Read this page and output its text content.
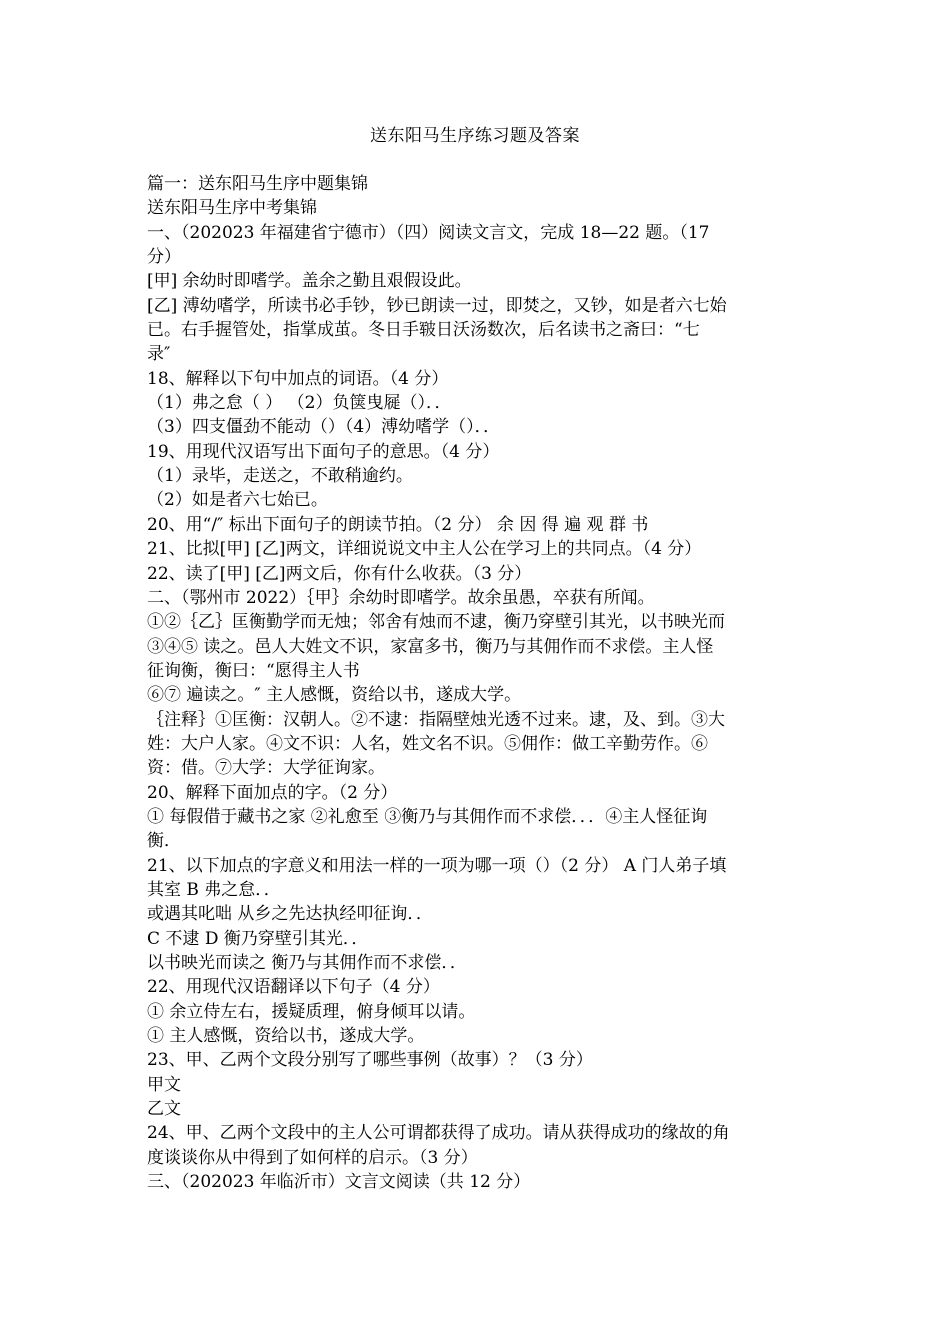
送东阳马生序练习题及答案
篇一：送东阳马生序中题集锦
送东阳马生序中考集锦
一、（202023 年福建省宁德市）（四）阅读文言文，完成 18—22 题。（17
分）
[甲] 余幼时即嗜学。盖余之勤且艰假设此。
[乙] 溥幼嗜学，所读书必手钞，钞已朗读一过，即焚之，又钞，如是者六七始
已。右手握管处，指掌成茧。冬日手皲日沃汤数次，后名读书之斋曰：“七
录″
18、解释以下句中加点的词语。（4 分）
（1）弗之怠（ ） （2）负箧曳屣（）．．
（3）四支僵劲不能动（）（4）溥幼嗜学（）．．
19、用现代汉语写出下面句子的意思。（4 分）
（1）录毕，走送之，不敢稍逾约。
（2）如是者六七始已。
20、用“/″ 标出下面句子的朗读节拍。（2 分） 余 因 得 遍 观 群 书
21、比拟[甲] [乙]两文，详细说说文中主人公在学习上的共同点。（4 分）
22、读了[甲] [乙]两文后，你有什么收获。（3 分）
二、（鄂州市 2022）｛甲｝余幼时即嗜学。故余虽愚，卒获有所闻。
①②｛乙｝匡衡勤学而无烛；邻舍有烛而不逮，衡乃穿壁引其光，以书映光而
③④⑤ 读之。邑人大姓文不识，家富多书，衡乃与其佣作而不求偿。主人怪
征询衡，衡曰：“愿得主人书
⑥⑦ 遍读之。″ 主人感慨，资给以书，遂成大学。
｛注释｝①匡衡：汉朝人。②不逮：指隔壁烛光透不过来。逮，及、到。③大
姓：大户人家。④文不识：人名，姓文名不识。⑤佣作：做工辛勤劳作。⑥
资：借。⑦大学：大学征询家。
20、解释下面加点的字。（2 分）
① 每假借于藏书之家 ②礼愈至 ③衡乃与其佣作而不求偿．．．④主人怪征询
衡．
21、以下加点的字意义和用法一样的一项为哪一项（）（2 分） A 门人弟子填
其室 B 弗之怠．．
或遇其叱咄 从乡之先达执经叩征询．．
C 不逮 D 衡乃穿壁引其光．．
以书映光而读之 衡乃与其佣作而不求偿．．
22、用现代汉语翻译以下句子（4 分）
① 余立侍左右，援疑质理，俯身倾耳以请。
① 主人感慨，资给以书，遂成大学。
23、甲、乙两个文段分别写了哪些事例（故事）？（3 分）
甲文
乙文
24、甲、乙两个文段中的主人公可谓都获得了成功。请从获得成功的缘故的角
度谈谈你从中得到了如何样的启示。（3 分）
三、（202023 年临沂市）文言文阅读（共 12 分）
